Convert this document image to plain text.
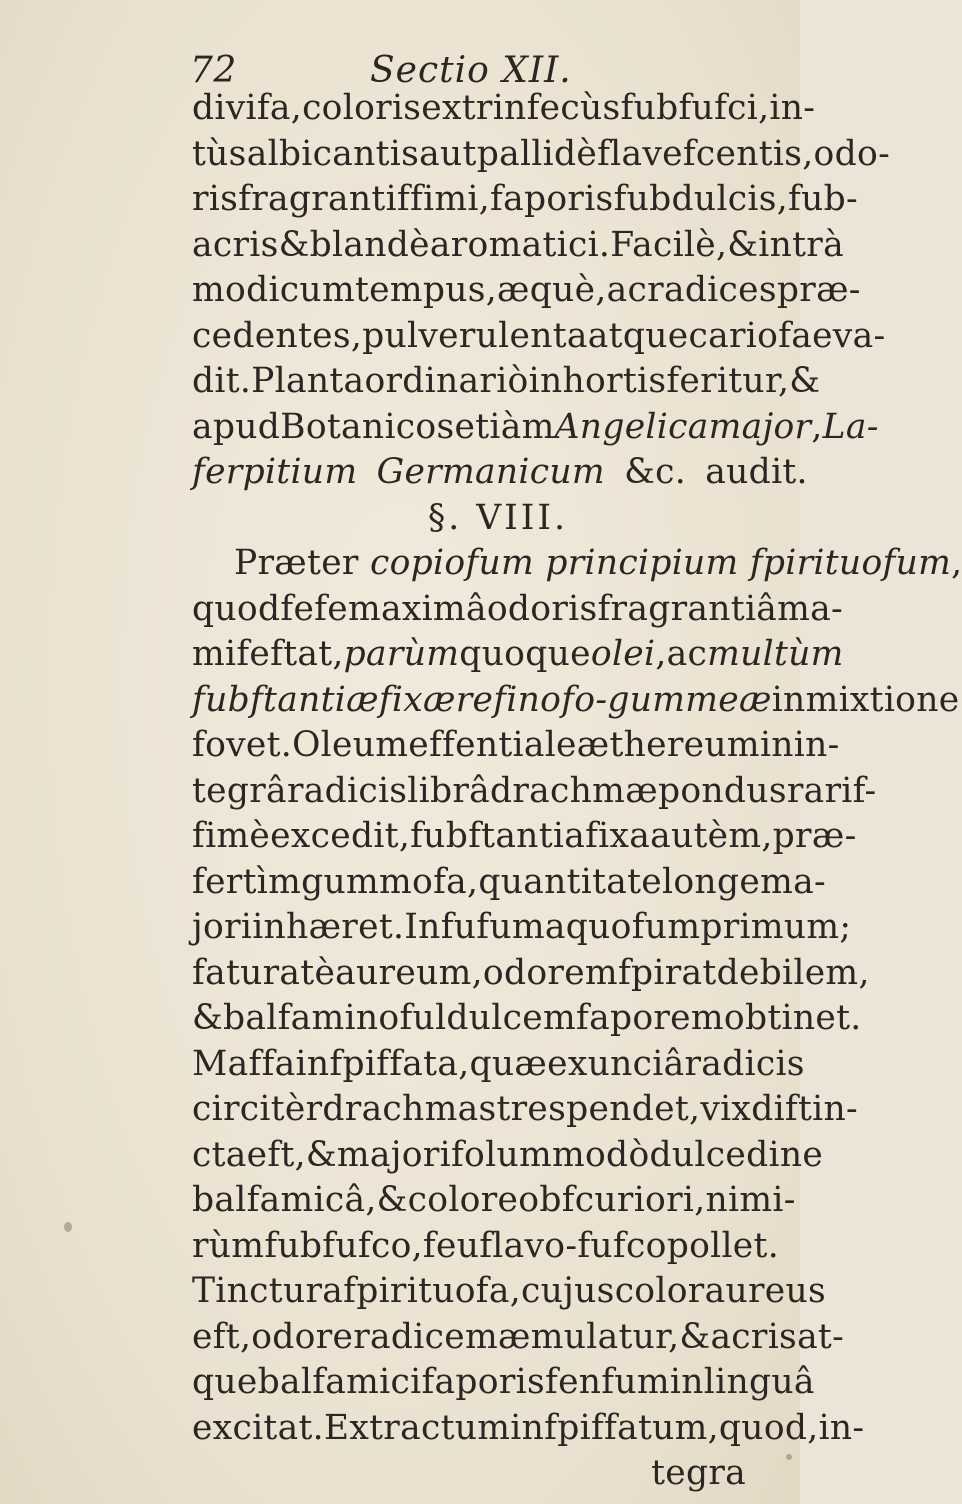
72	Sectio XII.
divifa, coloris extrinfecùs fubfufci, in-
tùs albicantis aut pallidè flavefcentis,odo-
ris fragrantiffimi, faporis fubdulcis, fub-
acris & blandè aromatici. Facilè, & intrà
modicum tempus, æquè, ac radices præ-
cedentes, pulverulenta atque cariofa eva-
dit. Planta ordinariò in hortis feritur, &
apud Botanicos etiàm Angelica major, La-
ferpitium Germanicum &c. audit.
§. VIII.
Præter copiofum principium fpirituofum ,
quod fefe maximâ odoris fragrantiâ ma-
mifeftat, parùm quoque olei, ac multùm
fubftantiæ fixæ refinofo-gummeæ in mixtione
fovet. Oleum effentiale æthereum in in-
tegrâ radicis librâ drachmæ pondus rarif-
fimè excedit, fubftantia fixa autèm, præ-
fertìm gummofa, quantitate longe ma-
jori inhæret. Infufum aquofum primum;
faturatè aureum, odorem fpirat debilem,
& balfamino fuldulcem faporem obtinet.
Maffa infpiffata, quæ ex unciâ radicis
circitèr drachmas tres pendet, vix diftin-
cta eft, & majori folummodò dulcedine
balfamicâ, & colore obfcuriori, nimi-
rùm fubfufco, feu flavo-fufco pollet.
Tinctura fpirituofa, cujus color aureus
eft, odore radicem æmulatur, & acris at-
que balfamici faporis fenfum in linguâ
excitat. Extractum infpiffatum, quod, in-
tegra
